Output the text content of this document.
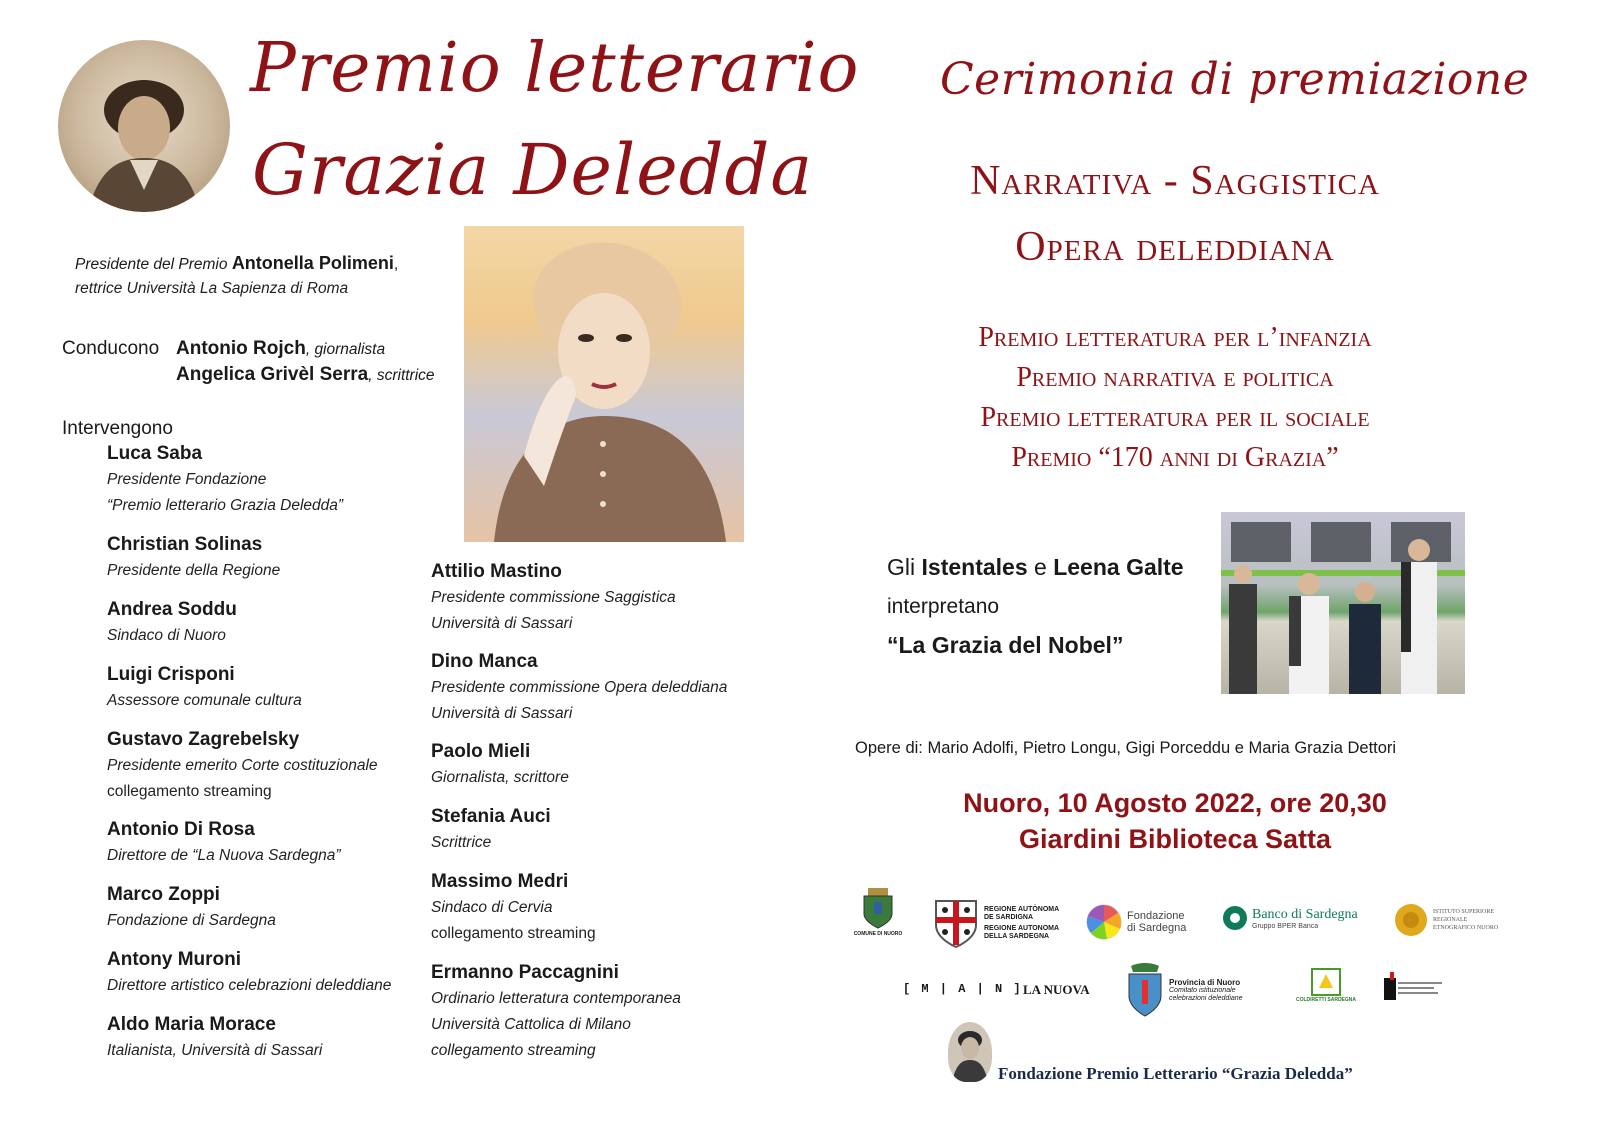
Premio letterario
Grazia Deledda
Presidente del Premio Antonella Polimeni,
rettrice Università La Sapienza di Roma
Conducono Antonio Rojch, giornalista
Angelica Grivèl Serra, scrittrice
Intervengono
Luca Saba
Presidente Fondazione
“Premio letterario Grazia Deledda”
Christian Solinas
Presidente della Regione
Andrea Soddu
Sindaco di Nuoro
Luigi Crisponi
Assessore comunale cultura
Gustavo Zagrebelsky
Presidente emerito Corte costituzionale
collegamento streaming
Antonio Di Rosa
Direttore de “La Nuova Sardegna”
Marco Zoppi
Fondazione di Sardegna
Antony Muroni
Direttore artistico celebrazioni deleddiane
Aldo Maria Morace
Italianista, Università di Sassari
Attilio Mastino
Presidente commissione Saggistica
Università di Sassari
Dino Manca
Presidente commissione Opera deleddiana
Università di Sassari
Paolo Mieli
Giornalista, scrittore
Stefania Auci
Scrittrice
Massimo Medri
Sindaco di Cervia
collegamento streaming
Ermanno Paccagnini
Ordinario letteratura contemporanea
Università Cattolica di Milano
collegamento streaming
Cerimonia di premiazione
Narrativa - Saggistica
Opera deleddiana
Premio letteratura per l’infanzia
Premio narrativa e politica
Premio letteratura per il sociale
Premio “170 anni di Grazia”
Gli Istentales e Leena Galte
interpretano
“La Grazia del Nobel”
Opere di: Mario Adolfi, Pietro Longu, Gigi Porceddu e Maria Grazia Dettori
Nuoro, 10 Agosto 2022, ore 20,30
Giardini Biblioteca Satta
COMUNE DI NUORO
REGIONE AUTÒNOMA DE SARDIGNA
REGIONE AUTONOMA DELLA SARDEGNA
Fondazione
di Sardegna
Banco di Sardegna
Gruppo BPER Banca
ISTITUTO SUPERIORE REGIONALE ETNOGRAFICO NUORO
[ M | A | N ] LA NUOVA	Provincia di Nuoro
Comitato istituzionale celebrazioni deleddiane	COLDIRETTI SARDEGNA
Fondazione Premio Letterario “Grazia Deledda”
